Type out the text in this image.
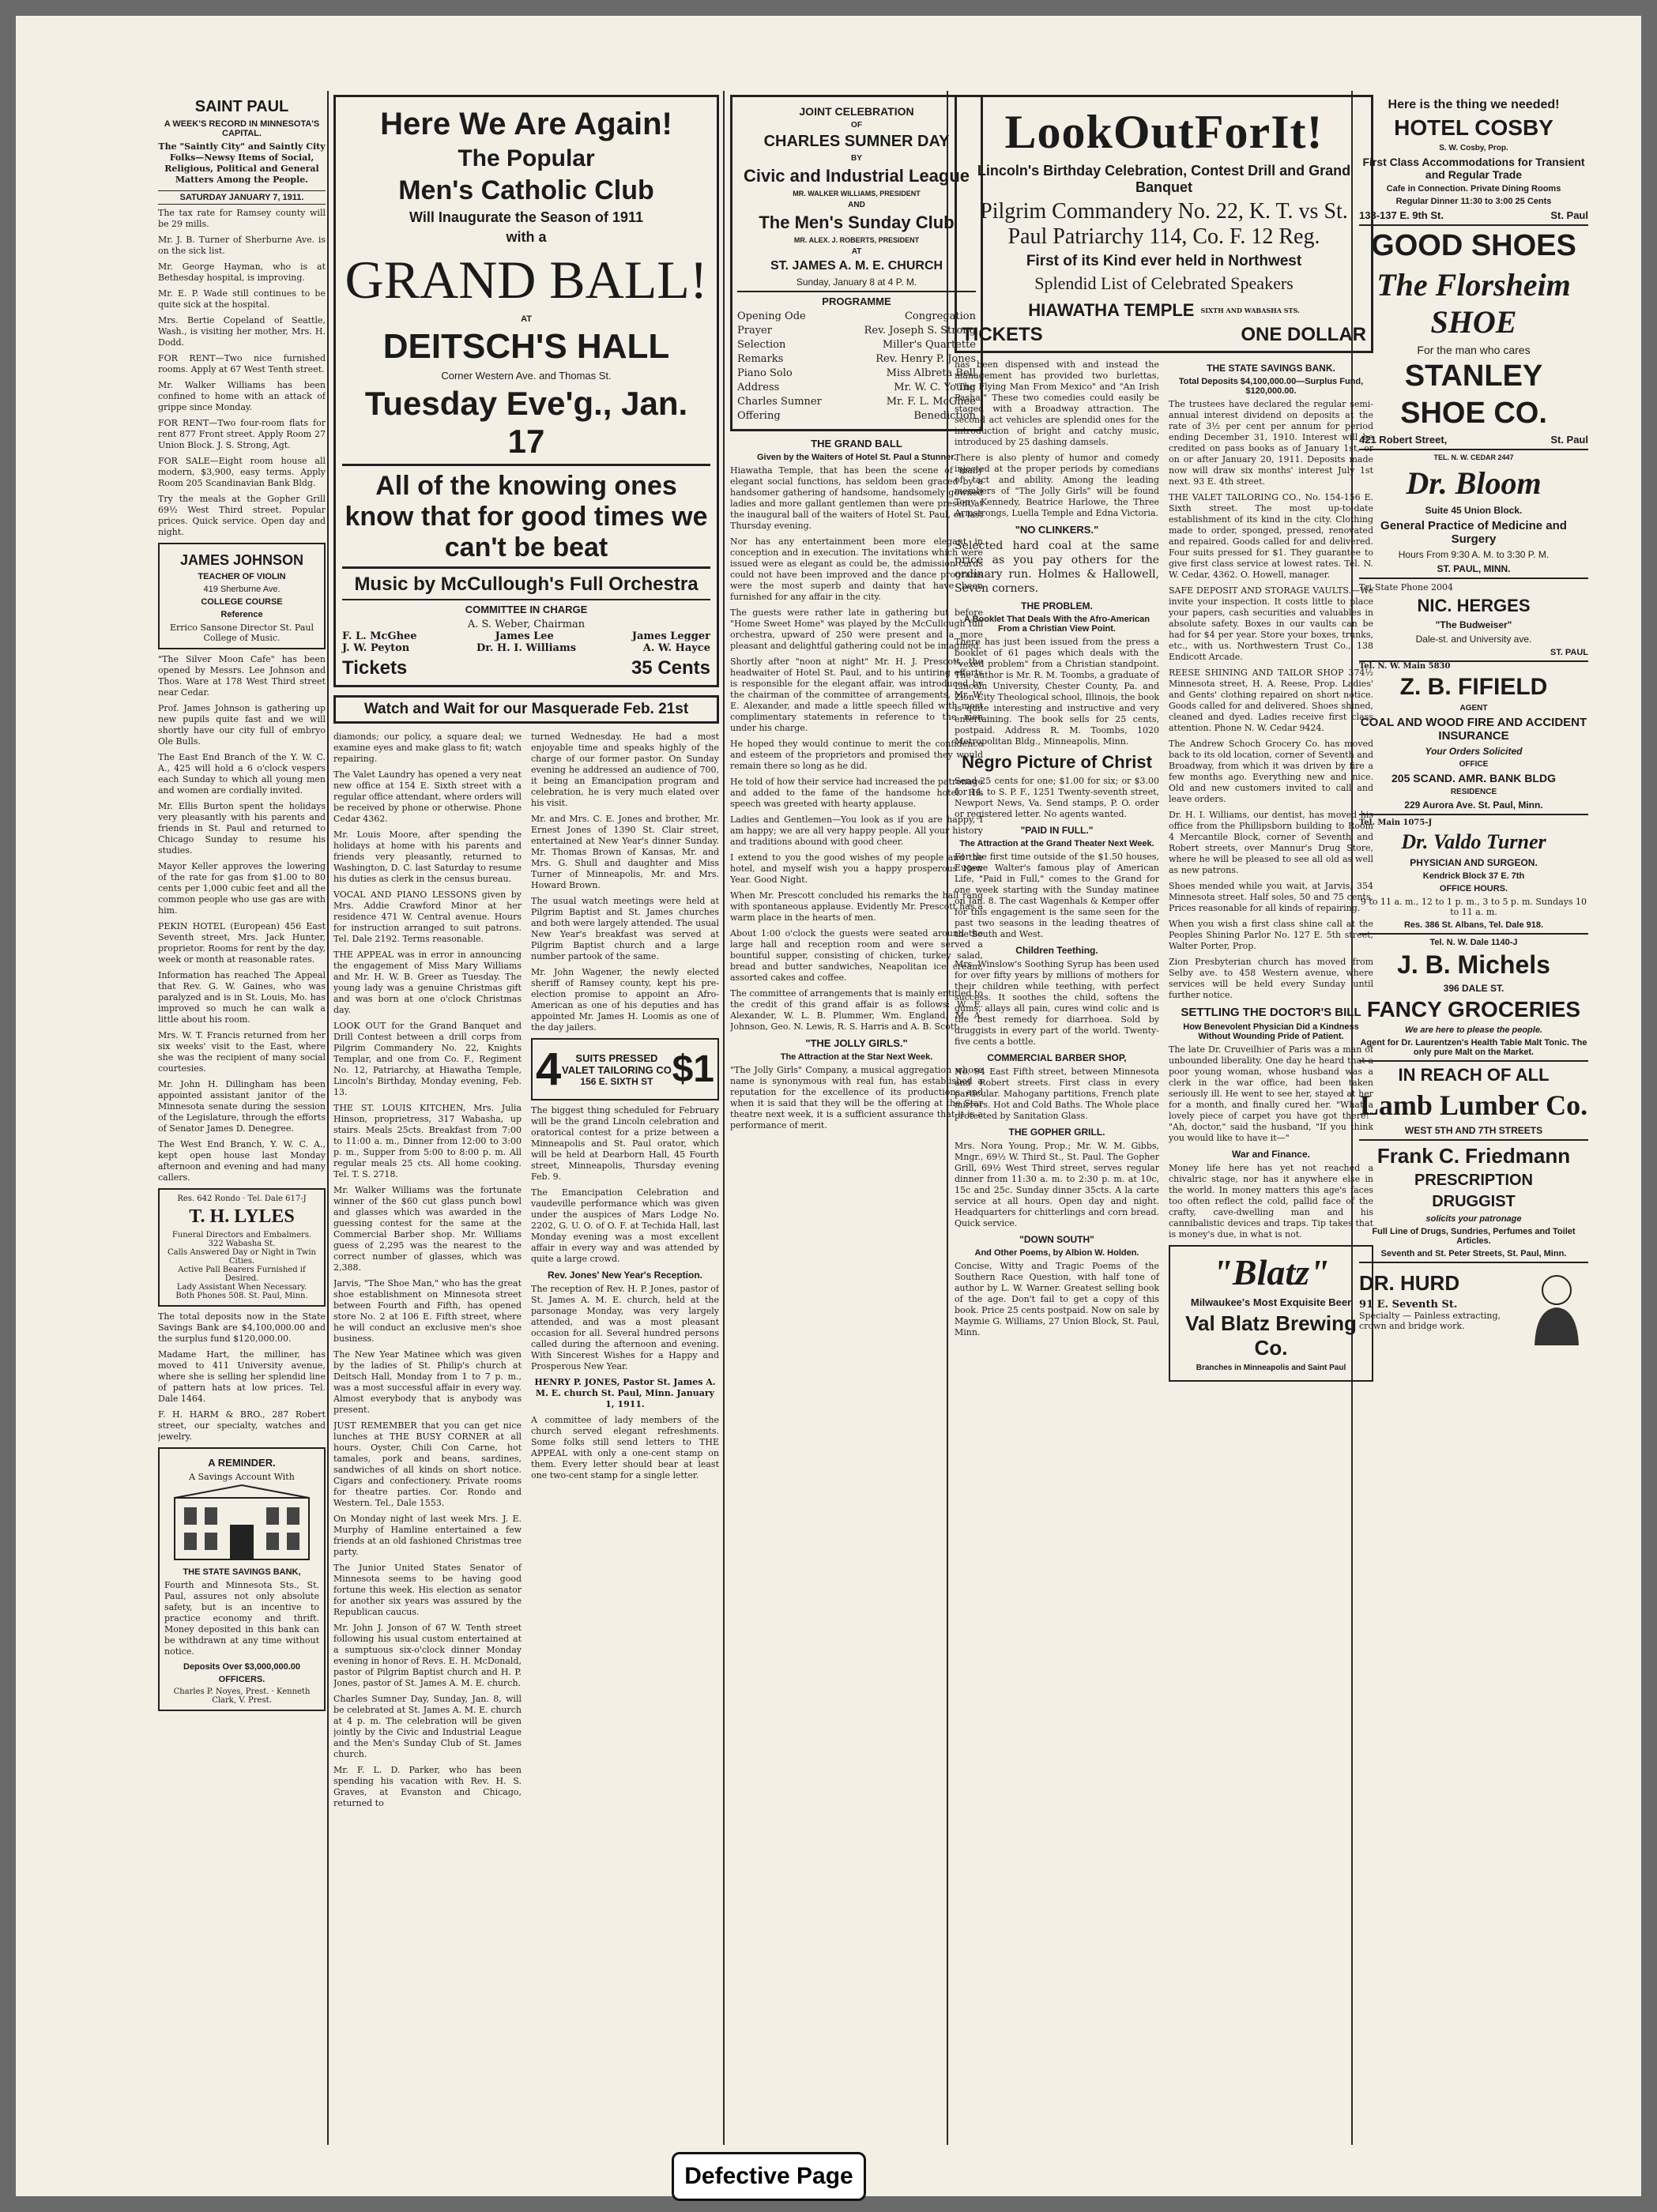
SAINT PAUL
A WEEK'S RECORD IN MINNESOTA'S CAPITAL.

The "Saintly City" and Saintly City Folks—Newsy Items of Social, Religious, Political and General Matters Among the People.

SATURDAY JANUARY 7, 1911.

The tax rate for Ramsey county will be 29 mills.

Mr. J. B. Turner of Sherburne Ave. is on the sick list.

Mr. George Hayman, who is at Bethesday hospital, is improving.

Mr. E. P. Wade still continues to be quite sick at the hospital.

Mrs. Bertie Copeland of Seattle, Wash., is visiting her mother, Mrs. H. Dodd.

FOR RENT—Two nice furnished rooms. Apply at 67 West Tenth street.

Mr. Walker Williams has been confined to home with an attack of grippe since Monday.

FOR RENT—Two four-room flats for rent 877 Front street. Apply Room 27 Union Block. J. S. Strong, Agt.

FOR SALE—Eight room house all modern, $3,900, easy terms. Apply Room 205 Scandinavian Bank Bldg.

Try the meals at the Gopher Grill 69½ West Third street. Popular prices. Quick service. Open day and night.

JAMES JOHNSON
TEACHER OF VIOLIN
419 Sherburne Ave.
COLLEGE COURSE
Reference
Errico Sansone Director St. Paul College of Music.

"The Silver Moon Cafe" has been opened by Messrs. Lee Johnson and Thos. Ware at 178 West Third street near Cedar.

Prof. James Johnson is gathering up new pupils quite fast and we will shortly have our city full of embryo Ole Bulls.

The East End Branch of the Y. W. C. A., 425 will hold a 6 o'clock vespers each Sunday to which all young men and women are cordially invited.

Mr. Ellis Burton spent the holidays very pleasantly with his parents and friends in St. Paul and returned to Chicago Sunday to resume his studies.

Mayor Keller approves the lowering of the rate for gas from $1.00 to 80 cents per 1,000 cubic feet and all the common people who use gas are with him.

PEKIN HOTEL (European) 456 East Seventh street, Mrs. Jack Hunter, proprietor. Rooms for rent by the day, week or month at reasonable rates.

Information has reached The Appeal that Rev. G. W. Gaines, who was paralyzed and is in St. Louis, Mo. has improved so much he can walk a little about his room.

Mrs. W. T. Francis returned from her six weeks' visit to the East, where she was the recipient of many social courtesies.

Mr. John H. Dillingham has been appointed assistant janitor of the Minnesota senate during the session of the Legislature, through the efforts of Senator James D. Denegree.

The West End Branch, Y. W. C. A., kept open house last Monday afternoon and evening and had many callers.

Res. 642 Rondo · Tel. Dale 617-J
T. H. LYLES
Funeral Directors and Embalmers.
322 Wabasha St.
Calls Answered Day or Night in Twin Cities.
Active Pall Bearers Furnished if Desired.
Lady Assistant When Necessary.
Both Phones 508. St. Paul, Minn.

The total deposits now in the State Savings Bank are $4,100,000.00 and the surplus fund $120,000.00.

Madame Hart, the milliner, has moved to 411 University avenue, where she is selling her splendid line of pattern hats at low prices. Tel. Dale 1464.

F. H. HARM & BRO., 287 Robert street, our specialty, watches and jewelry.

A REMINDER.
A Savings Account With
THE STATE SAVINGS BANK,

Fourth and Minnesota Sts., St. Paul, assures not only absolute safety, but is an incentive to practice economy and thrift. Money deposited in this bank can be withdrawn at any time without notice.

Deposits Over $3,000,000.00
OFFICERS.
Charles P. Noyes, Prest. · Kenneth Clark, V. Prest.
Here We Are Again!
The Popular
Men's Catholic Club
Will Inaugurate the Season of 1911
with a
GRAND BALL!
AT
DEITSCH'S HALL
Corner Western Ave. and Thomas St.
Tuesday Eve'g., Jan. 17
All of the knowing ones know that for good times we can't be beat
Music by McCullough's Full Orchestra
COMMITTEE IN CHARGE
A. S. Weber, Chairman
F. L. McGhee	James Lee	James Legger
J. W. Peyton	Dr. H. I. Williams	A. W. Hayce
Tickets	35 Cents
Watch and Wait for our Masquerade Feb. 21st

diamonds; our policy, a square deal; we examine eyes and make glass to fit; watch repairing.

The Valet Laundry has opened a very neat new office at 154 E. Sixth street with a regular office attendant, where orders will be received by phone or otherwise. Phone Cedar 4362.

Mr. Louis Moore, after spending the holidays at home with his parents and friends very pleasantly, returned to Washington, D. C. last Saturday to resume his duties as clerk in the census bureau.

VOCAL AND PIANO LESSONS given by Mrs. Addie Crawford Minor at her residence 471 W. Central avenue. Hours for instruction arranged to suit patrons. Tel. Dale 2192. Terms reasonable.

THE APPEAL was in error in announcing the engagement of Miss Mary Williams and Mr. H. W. B. Greer as Tuesday. The young lady was a genuine Christmas gift and was born at one o'clock Christmas day.

LOOK OUT for the Grand Banquet and Drill Contest between a drill corps from Pilgrim Commandery No. 22, Knights Templar, and one from Co. F., Regiment No. 12, Patriarchy, at Hiawatha Temple, Lincoln's Birthday, Monday evening, Feb. 13.

THE ST. LOUIS KITCHEN, Mrs. Julia Hinson, proprietress, 317 Wabasha, up stairs. Meals 25cts. Breakfast from 7:00 to 11:00 a. m., Dinner from 12:00 to 3:00 p. m., Supper from 5:00 to 8:00 p. m. All regular meals 25 cts. All home cooking. Tel. T. S. 2718.

Mr. Walker Williams was the fortunate winner of the $60 cut glass punch bowl and glasses which was awarded in the guessing contest for the same at the Commercial Barber shop. Mr. Williams guess of 2,295 was the nearest to the correct number of glasses, which was 2,388.

Jarvis, "The Shoe Man," who has the great shoe establishment on Minnesota street between Fourth and Fifth, has opened store No. 2 at 106 E. Fifth street, where he will conduct an exclusive men's shoe business.

The New Year Matinee which was given by the ladies of St. Philip's church at Deitsch Hall, Monday from 1 to 7 p. m., was a most successful affair in every way. Almost everybody that is anybody was present.

JUST REMEMBER that you can get nice lunches at THE BUSY CORNER at all hours. Oyster, Chili Con Carne, hot tamales, pork and beans, sardines, sandwiches of all kinds on short notice. Cigars and confectionery. Private rooms for theatre parties. Cor. Rondo and Western. Tel., Dale 1553.

On Monday night of last week Mrs. J. E. Murphy of Hamline entertained a few friends at an old fashioned Christmas tree party.

The Junior United States Senator of Minnesota seems to be having good fortune this week. His election as senator for another six years was assured by the Republican caucus.

Mr. John J. Jonson of 67 W. Tenth street following his usual custom entertained at a sumptuous six-o'clock dinner Monday evening in honor of Revs. E. H. McDonald, pastor of Pilgrim Baptist church and H. P. Jones, pastor of St. James A. M. E. church.

Charles Sumner Day, Sunday, Jan. 8, will be celebrated at St. James A. M. E. church at 4 p. m. The celebration will be given jointly by the Civic and Industrial League and the Men's Sunday Club of St. James church.

Mr. F. L. D. Parker, who has been spending his vacation with Rev. H. S. Graves, at Evanston and Chicago, returned to

turned Wednesday. He had a most enjoyable time and speaks highly of the charge of our former pastor. On Sunday evening he addressed an audience of 700, it being an Emancipation program and celebration, he is very much elated over his visit.

Mr. and Mrs. C. E. Jones and brother, Mr. Ernest Jones of 1390 St. Clair street, entertained at New Year's dinner Sunday. Mr. Thomas Brown of Kansas, Mr. and Mrs. G. Shull and daughter and Miss Turner of Minneapolis, Mr. and Mrs. Howard Brown.

The usual watch meetings were held at Pilgrim Baptist and St. James churches and both were largely attended. The usual New Year's breakfast was served at Pilgrim Baptist church and a large number partook of the same.

Mr. John Wagener, the newly elected sheriff of Ramsey county, kept his pre-election promise to appoint an Afro-American as one of his deputies and has appointed Mr. James H. Loomis as one of the day jailers.

4	SUITS PRESSED
VALET TAILORING CO
156 E. SIXTH ST $1

The biggest thing scheduled for February will be the grand Lincoln celebration and oratorical contest for a prize between a Minneapolis and St. Paul orator, which will be held at Dearborn Hall, 45 Fourth street, Minneapolis, Thursday evening Feb. 9.

The Emancipation Celebration and vaudeville performance which was given under the auspices of Mars Lodge No. 2202, G. U. O. of O. F. at Techida Hall, last Monday evening was a most excellent affair in every way and was attended by quite a large crowd.

Rev. Jones' New Year's Reception.

The reception of Rev. H. P. Jones, pastor of St. James A. M. E. church, held at the parsonage Monday, was very largely attended, and was a most pleasant occasion for all. Several hundred persons called during the afternoon and evening. With Sincerest Wishes for a Happy and Prosperous New Year.

HENRY P. JONES, Pastor St. James A. M. E. church St. Paul, Minn. January 1, 1911.

A committee of lady members of the church served elegant refreshments. Some folks still send letters to THE APPEAL with only a one-cent stamp on them. Every letter should bear at least one two-cent stamp for a single letter.

JOINT CELEBRATION
OF
CHARLES SUMNER DAY
BY
Civic and Industrial League
MR. WALKER WILLIAMS, PRESIDENT
AND
The Men's Sunday Club
MR. ALEX. J. ROBERTS, PRESIDENT
AT
ST. JAMES A. M. E. CHURCH
Sunday, January 8 at 4 P. M.
PROGRAMME
Opening Ode	Congregation
Prayer	Rev. Joseph S. Strong
Selection	Miller's Quartette
Remarks	Rev. Henry P. Jones
Piano Solo	Miss Albreta Bell
Address	Mr. W. C. Young
Charles Sumner	Mr. F. L. McGhee
Offering	Benediction
THE GRAND BALL
Given by the Waiters of Hotel St. Paul a Stunner.

Hiawatha Temple, that has been the scene of many elegant social functions, has seldom been graced by a handsomer gathering of handsome, handsomely gowned ladies and more gallant gentlemen than were present at the inaugural ball of the waiters of Hotel St. Paul, on last Thursday evening.

Nor has any entertainment been more elegant in conception and in execution. The invitations which were issued were as elegant as could be, the admission cards could not have been improved and the dance programs were the most superb and dainty that have been furnished for any affair in the city.

The guests were rather late in gathering but before "Home Sweet Home" was played by the McCullough full orchestra, upward of 250 were present and a more pleasant and delightful gathering could not be imagined.

Shortly after "noon at night" Mr. H. J. Prescott, the headwaiter of Hotel St. Paul, and to his untiring efforts is responsible for the elegant affair, was introduced by the chairman of the committee of arrangements, Mr. W. E. Alexander, and made a little speech filled with most complimentary statements in reference to the men under his charge.

He hoped they would continue to merit the confidence and esteem of the proprietors and promised they would remain there so long as he did.

He told of how their service had increased the patronage and added to the fame of the handsome hotel. His speech was greeted with hearty applause.

Ladies and Gentlemen—You look as if you are happy, I am happy; we are all very happy people. All your history and traditions abound with good cheer.

I extend to you the good wishes of my people and the hotel, and myself wish you a happy prosperous New Year. Good Night.

When Mr. Prescott concluded his remarks the hall rang with spontaneous applause. Evidently Mr. Prescott has a warm place in the hearts of men.

About 1:00 o'clock the guests were seated around the large hall and reception room and were served a bountiful supper, consisting of chicken, turkey salad, bread and butter sandwiches, Neapolitan ice cream, assorted cakes and coffee.

The committee of arrangements that is mainly entitled to the credit of this grand affair is as follows: W. E. Alexander, W. L. B. Plummer, Wm. England, M. A. Johnson, Geo. N. Lewis, R. S. Harris and A. B. Scott.

"THE JOLLY GIRLS."
The Attraction at the Star Next Week.

"The Jolly Girls" Company, a musical aggregation whose name is synonymous with real fun, has established a reputation for the excellence of its productions and when it is said that they will be the offering at the Star theatre next week, it is a sufficient assurance that it is a performance of merit.

LookOutForIt!
Lincoln's Birthday Celebration, Contest Drill and Grand Banquet
Pilgrim Commandery No. 22, K. T. vs St. Paul Patriarchy 114, Co. F. 12 Reg.
First of its Kind ever held in Northwest
Splendid List of Celebrated Speakers
HIAWATHA TEMPLE SIXTH AND WABASHA STS.
TICKETS	ONE DOLLAR

has been dispensed with and instead the management has provided two burlettas, "The Flying Man From Mexico" and "An Irish Pasha." These two comedies could easily be staged with a Broadway attraction. The second act vehicles are splendid ones for the introduction of bright and catchy music, introduced by 25 dashing damsels.

There is also plenty of humor and comedy injected at the proper periods by comedians of tact and ability. Among the leading members of "The Jolly Girls" will be found Tony Kennedy, Beatrice Harlowe, the Three Armstrongs, Luella Temple and Edna Victoria.

"NO CLINKERS."

Selected hard coal at the same price as you pay others for the ordinary run. Holmes & Hallowell, Seven corners.

THE PROBLEM.
A Booklet That Deals With the Afro-American From a Christian View Point.

There has just been issued from the press a booklet of 61 pages which deals with the "vexed problem" from a Christian standpoint. The author is Mr. R. M. Toombs, a graduate of Lincoln University, Chester County, Pa. and Zion City Theological school, Illinois, the book is quite interesting and instructive and very entertaining. The book sells for 25 cents, postpaid. Address R. M. Toombs, 1020 Metropolitan Bldg., Minneapolis, Minn.

Negro Picture of Christ

Send 25 cents for one; $1.00 for six; or $3.00 for 14, to S. P. F., 1251 Twenty-seventh street, Newport News, Va. Send stamps, P. O. order or registered letter. No agents wanted.

"PAID IN FULL."
The Attraction at the Grand Theater Next Week.

For the first time outside of the $1.50 houses, Eugene Walter's famous play of American Life, "Paid in Full," comes to the Grand for one week starting with the Sunday matinee on Jan. 8. The cast Wagenhals & Kemper offer for this engagement is the same seen for the past two seasons in the leading theatres of the South and West.

Children Teething.

Mrs. Winslow's Soothing Syrup has been used for over fifty years by millions of mothers for their children while teething, with perfect success. It soothes the child, softens the gums, allays all pain, cures wind colic and is the best remedy for diarrhoea. Sold by druggists in every part of the world. Twenty-five cents a bottle.

COMMERCIAL BARBER SHOP,

No. 94 East Fifth street, between Minnesota and Robert streets. First class in every particular. Mahogany partitions, French plate mirrors. Hot and Cold Baths. The Whole place protected by Sanitation Glass.

THE GOPHER GRILL.

Mrs. Nora Young, Prop.; Mr. W. M. Gibbs, Mngr., 69½ W. Third St., St. Paul. The Gopher Grill, 69½ West Third street, serves regular dinner from 11:30 a. m. to 2:30 p. m. at 10c, 15c and 25c. Sunday dinner 35cts. A la carte service at all hours. Open day and night. Headquarters for chitterlings and corn bread. Quick service.

"DOWN SOUTH"
And Other Poems, by Albion W. Holden.

Concise, Witty and Tragic Poems of the Southern Race Question, with half tone of author by L. W. Warner. Greatest selling book of the age. Don't fail to get a copy of this book. Price 25 cents postpaid. Now on sale by Maymie G. Williams, 27 Union Block, St. Paul, Minn.

THE STATE SAVINGS BANK.
Total Deposits $4,100,000.00—Surplus Fund, $120,000.00.

The trustees have declared the regular semi-annual interest dividend on deposits at the rate of 3½ per cent per annum for period ending December 31, 1910. Interest will be credited on pass books as of January 1st, or on or after January 20, 1911. Deposits made now will draw six months' interest July 1st next. 93 E. 4th street.

THE VALET TAILORING CO., No. 154-156 E. Sixth street. The most up-to-date establishment of its kind in the city. Clothing made to order, sponged, pressed, renovated and repaired. Goods called for and delivered. Four suits pressed for $1. They guarantee to give first class service at lowest rates. Tel. N. W. Cedar, 4362. O. Howell, manager.

SAFE DEPOSIT AND STORAGE VAULTS.—We invite your inspection. It costs little to place your papers, cash securities and valuables in absolute safety. Boxes in our vaults can be had for $4 per year. Store your boxes, trunks, etc., with us. Northwestern Trust Co., 138 Endicott Arcade.

REESE SHINING AND TAILOR SHOP 374½ Minnesota street, H. A. Reese, Prop. Ladies' and Gents' clothing repaired on short notice. Goods called for and delivered. Shoes shined, cleaned and dyed. Ladies receive first class attention. Phone N. W. Cedar 9424.

The Andrew Schoch Grocery Co. has moved back to its old location, corner of Seventh and Broadway, from which it was driven by fire a few months ago. Everything new and nice. Old and new customers invited to call and leave orders.

Dr. H. I. Williams, our dentist, has moved his office from the Phillipsborn building to Room 4 Mercantile Block, corner of Seventh and Robert streets, over Mannur's Drug Store, where he will be pleased to see all old as well as new patrons.

Shoes mended while you wait, at Jarvis, 354 Minnesota street. Half soles, 50 and 75 cents. Prices reasonable for all kinds of repairing.

When you wish a first class shine call at the Peoples Shining Parlor No. 127 E. 5th street, Walter Porter, Prop.

Zion Presbyterian church has moved from Selby ave. to 458 Western avenue, where services will be held every Sunday until further notice.

SETTLING THE DOCTOR'S BILL
How Benevolent Physician Did a Kindness Without Wounding Pride of Patient.

The late Dr. Cruveilhier of Paris was a man of unbounded liberality. One day he heard that a poor young woman, whose husband was a clerk in the war office, had been taken seriously ill. He went to see her, stayed at her for a month, and finally cured her. "What a lovely piece of carpet you have got there!" "Ah, doctor," said the husband, "If you think you would like to have it—"

War and Finance.

Money life here has yet not reached a chivalric stage, nor has it anywhere else in the world. In money matters this age's faces too often reflect the cold, pallid face of the crafty, cave-dwelling man and his cannibalistic devices and traps. Tip takes that is money's due, in what is not.

"Blatz"
Milwaukee's Most Exquisite Beer
Val Blatz Brewing Co.
Branches in Minneapolis and Saint Paul
Here is the thing we needed!
HOTEL COSBY
S. W. Cosby, Prop.
First Class Accommodations for Transient and Regular Trade
Cafe in Connection. Private Dining Rooms
Regular Dinner 11:30 to 3:00 25 Cents
133-137 E. 9th St.	St. Paul
GOOD SHOES
The Florsheim SHOE
For the man who cares
STANLEY
SHOE CO.
421 Robert Street,	St. Paul
TEL. N. W. CEDAR 2447
Dr. Bloom
Suite 45 Union Block.
General Practice of Medicine and Surgery
Hours From 9:30 A. M. to 3:30 P. M.
ST. PAUL, MINN.
Tri-State Phone 2004
NIC. HERGES
"The Budweiser"
Dale-st. and University ave.
ST. PAUL
Tel. N. W. Main 5830
Z. B. FIFIELD
AGENT
COAL AND WOOD FIRE AND ACCIDENT INSURANCE
Your Orders Solicited
OFFICE
205 SCAND. AMR. BANK BLDG
RESIDENCE
229 Aurora Ave. St. Paul, Minn.
Tel. Main 1075-J
Dr. Valdo Turner
PHYSICIAN AND SURGEON.
Kendrick Block 37 E. 7th
OFFICE HOURS.
9 to 11 a. m., 12 to 1 p. m., 3 to 5 p. m. Sundays 10 to 11 a. m.
Res. 386 St. Albans, Tel. Dale 918.
Tel. N. W. Dale 1140-J
J. B. Michels
396 DALE ST.
FANCY GROCERIES
We are here to please the people.
Agent for Dr. Laurentzen's Health Table Malt Tonic. The only pure Malt on the Market.
IN REACH OF ALL
Lamb Lumber Co.
WEST 5TH AND 7TH STREETS
Frank C. Friedmann
PRESCRIPTION
DRUGGIST
solicits your patronage
Full Line of Drugs, Sundries, Perfumes and Toilet Articles.
Seventh and St. Peter Streets, St. Paul, Minn.
DR. HURD
91 E. Seventh St.
Specialty — Painless extracting, crown and bridge work.
Defective Page
